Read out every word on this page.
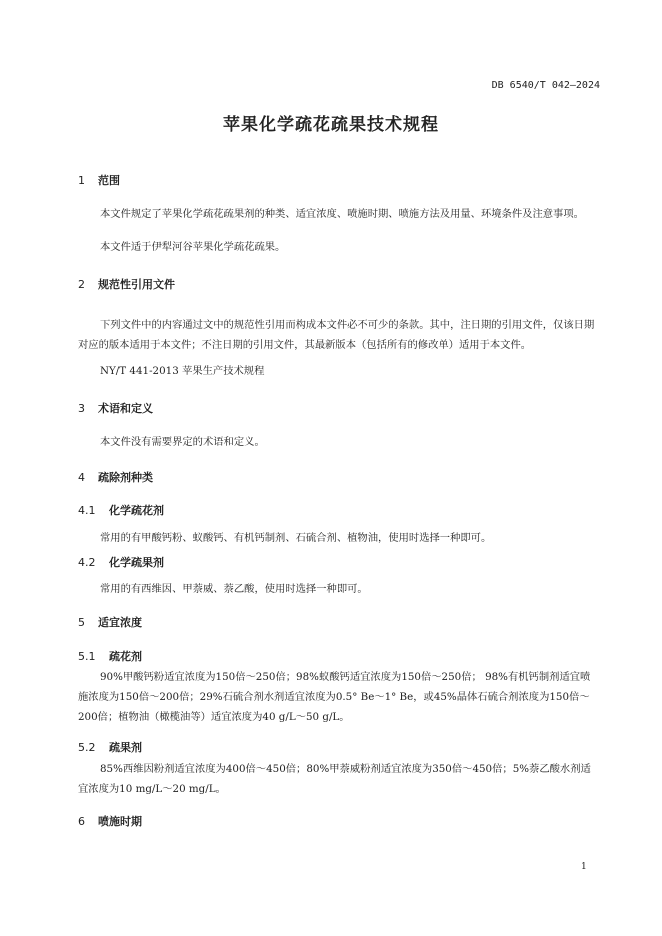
DB 6540/T 042—2024
苹果化学疏花疏果技术规程
1 范围
本文件规定了苹果化学疏花疏果剂的种类、适宜浓度、喷施时期、喷施方法及用量、环境条件及注意事项。
本文件适于伊犁河谷苹果化学疏花疏果。
2 规范性引用文件
下列文件中的内容通过文中的规范性引用而构成本文件必不可少的条款。其中，注日期的引用文件，仅该日期对应的版本适用于本文件；不注日期的引用文件，其最新版本（包括所有的修改单）适用于本文件。
NY/T 441-2013 苹果生产技术规程
3 术语和定义
本文件没有需要界定的术语和定义。
4 疏除剂种类
4.1 化学疏花剂
常用的有甲酸钙粉、蚁酸钙、有机钙制剂、石硫合剂、植物油，使用时选择一种即可。
4.2 化学疏果剂
常用的有西维因、甲萘威、萘乙酸，使用时选择一种即可。
5 适宜浓度
5.1 疏花剂
90%甲酸钙粉适宜浓度为150倍～250倍；98%蚁酸钙适宜浓度为150倍～250倍； 98%有机钙制剂适宜喷施浓度为150倍～200倍；29%石硫合剂水剂适宜浓度为0.5° Be～1° Be，或45%晶体石硫合剂浓度为150倍～200倍；植物油（橄榄油等）适宜浓度为40 g/L～50 g/L。
5.2 疏果剂
85%西维因粉剂适宜浓度为400倍～450倍；80%甲萘威粉剂适宜浓度为350倍～450倍；5%萘乙酸水剂适宜浓度为10 mg/L～20 mg/L。
6 喷施时期
1
